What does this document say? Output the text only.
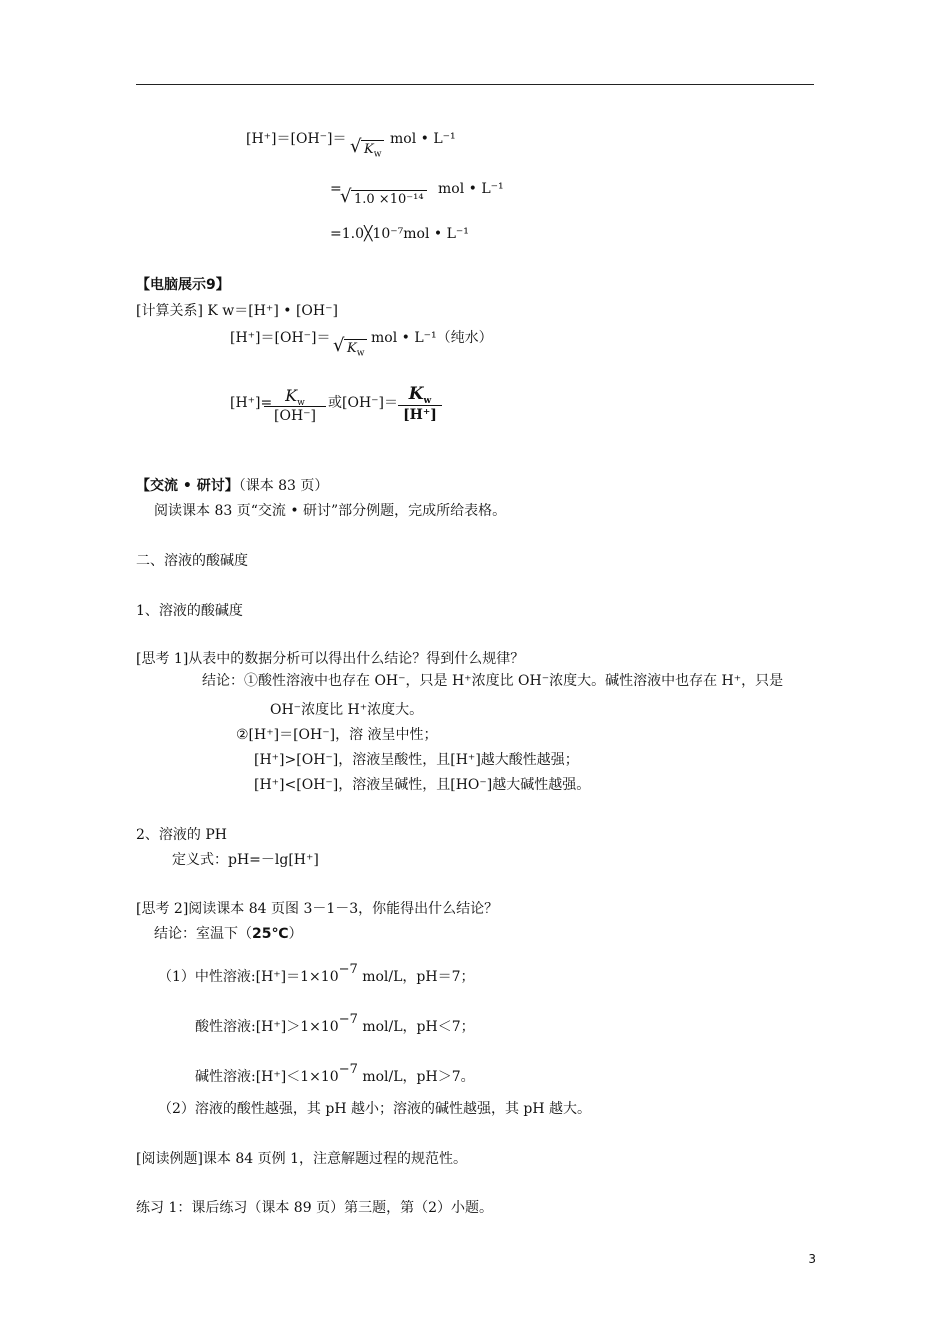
[H⁺]＝[OH⁻]＝ √ $K_w$
mol • L⁻¹
=
√ 1.0 ×10⁻¹⁴
mol • L⁻¹
=1.0╳10⁻⁷mol • L⁻¹
【电脑展示9】
[计算关系] K w＝[H⁺] • [OH⁻]
[H⁺]＝[OH⁻]＝ √ $K_w$
mol • L⁻¹（纯水）
[H⁺]=
$\frac{K_w}{[OH^-]}$ 或$[OH^-]= \frac{K_w}{[H^+]}$
【交流 • 研讨】（课本 83 页）
阅读课本 83 页“交流 • 研讨”部分例题，完成所给表格。
二、溶液的酸碱度
1、溶液的酸碱度
[思考 1]从表中的数据分析可以得出什么结论？得到什么规律？
结论：①酸性溶液中也存在 OH⁻，只是 H⁺浓度比 OH⁻浓度大。碱性溶液中也存在 H⁺，只是
OH⁻浓度比 H⁺浓度大。
②[H⁺]＝[OH⁻]，溶 液呈中性；
[H⁺]>[OH⁻]，溶液呈酸性，且[H⁺]越大酸性越强；
[H⁺]<[OH⁻]，溶液呈碱性，且[HO⁻]越大碱性越强。
2、溶液的 PH
定义式：pH=－lg[H⁺]
[思考 2]阅读课本 84 页图 3－1－3，你能得出什么结论？
结论：室温下（25℃）
（1）中性溶液:[H⁺]＝1×10−7 mol/L，pH＝7；
酸性溶液:[H⁺]＞1×10−7 mol/L，pH＜7；
碱性溶液:[H⁺]＜1×10−7 mol/L，pH＞7。
（2）溶液的酸性越强，其 pH 越小；溶液的碱性越强，其 pH 越大。
[阅读例题]课本 84 页例 1，注意解题过程的规范性。
练习 1：课后练习（课本 89 页）第三题，第（2）小题。
3
